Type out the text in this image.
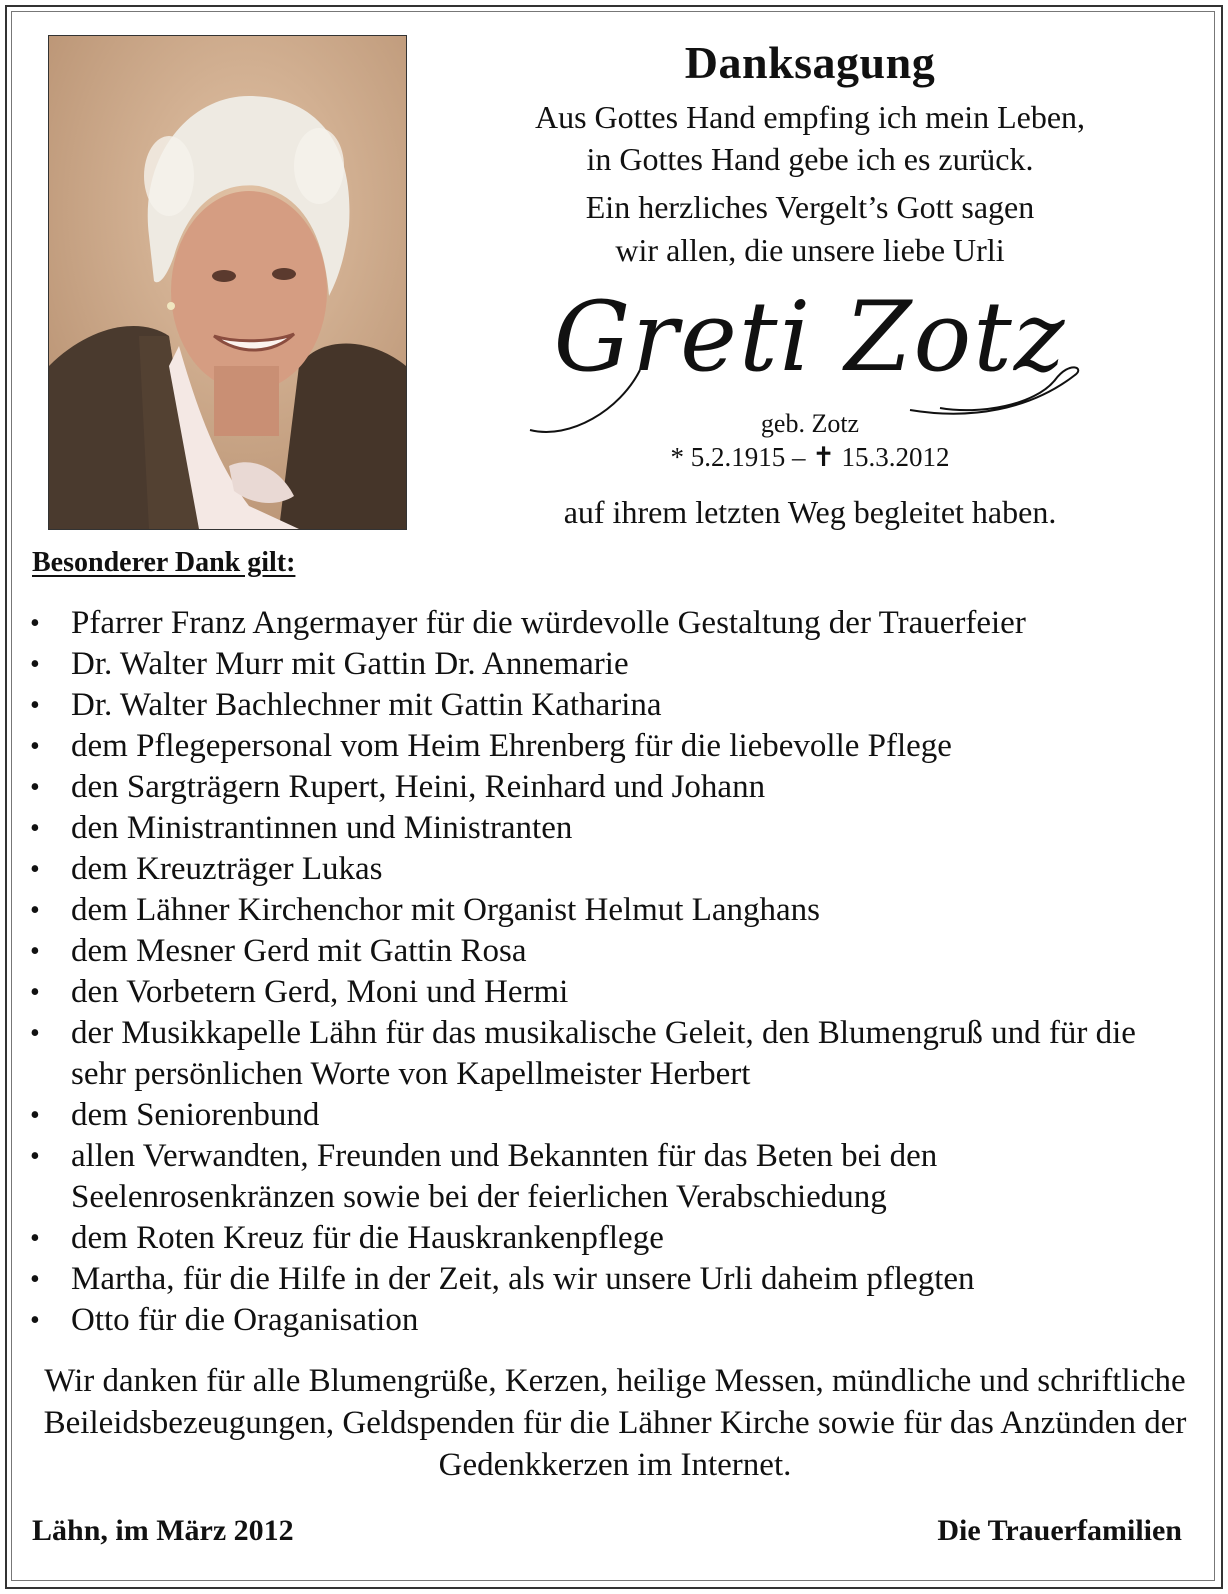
Danksagung
Aus Gottes Hand empfing ich mein Leben,
in Gottes Hand gebe ich es zurück.
Ein herzliches Vergelt’s Gott sagen
wir allen, die unsere liebe Urli
Greti Zotz
geb. Zotz
* 5.2.1915 – ✝ 15.3.2012
auf ihrem letzten Weg begleitet haben.
Besonderer Dank gilt:
• Pfarrer Franz Angermayer für die würdevolle Gestaltung der Trauerfeier
• Dr. Walter Murr mit Gattin Dr. Annemarie
• Dr. Walter Bachlechner mit Gattin Katharina
• dem Pflegepersonal vom Heim Ehrenberg für die liebevolle Pflege
• den Sargträgern Rupert, Heini, Reinhard und Johann
• den Ministrantinnen und Ministranten
• dem Kreuzträger Lukas
• dem Lähner Kirchenchor mit Organist Helmut Langhans
• dem Mesner Gerd mit Gattin Rosa
• den Vorbetern Gerd, Moni und Hermi
• der Musikkapelle Lähn für das musikalische Geleit, den Blumengruß und für die sehr persönlichen Worte von Kapellmeister Herbert
• dem Seniorenbund
• allen Verwandten, Freunden und Bekannten für das Beten bei den Seelenrosenkränzen sowie bei der feierlichen Verabschiedung
• dem Roten Kreuz für die Hauskrankenpflege
• Martha, für die Hilfe in der Zeit, als wir unsere Urli daheim pflegten
• Otto für die Oraganisation
Wir danken für alle Blumengrüße, Kerzen, heilige Messen, mündliche und schriftliche Beileidsbezeugungen, Geldspenden für die Lähner Kirche sowie für das Anzünden der Gedenkkerzen im Internet.
Lähn, im März 2012	Die Trauerfamilien
